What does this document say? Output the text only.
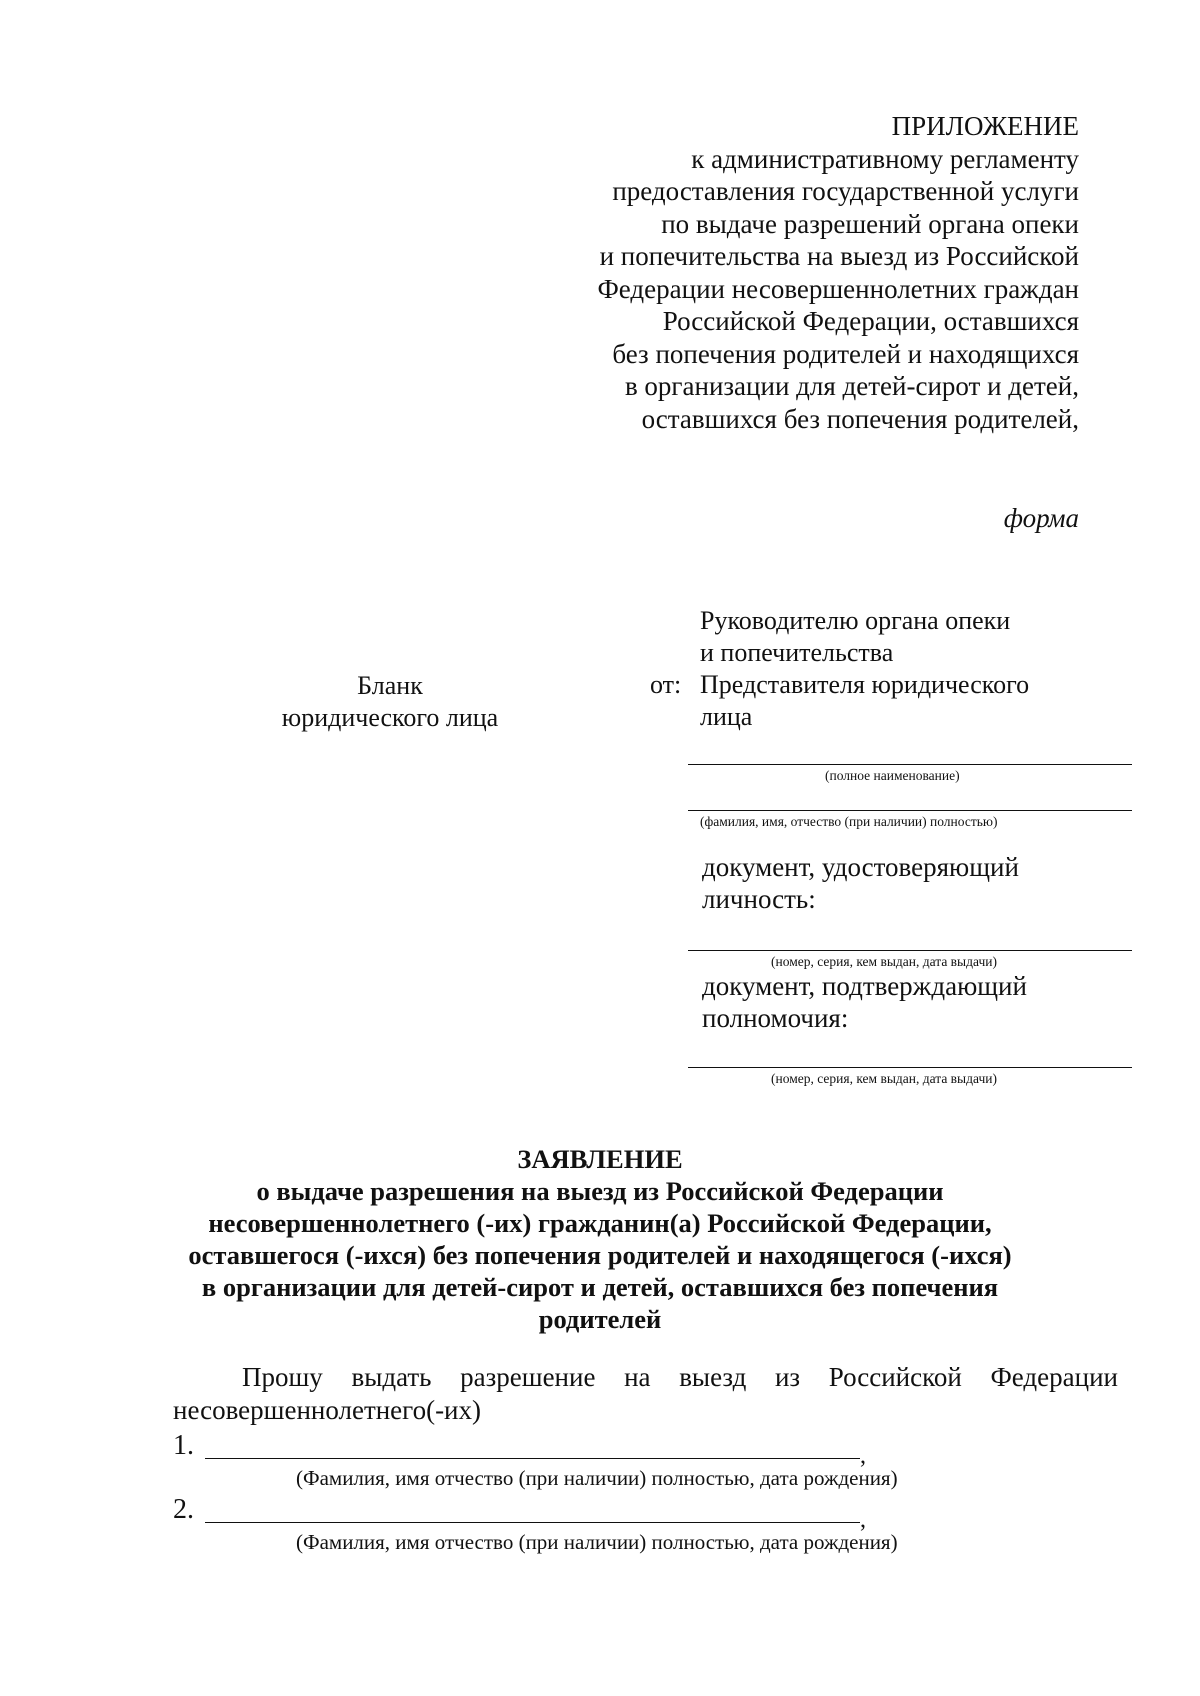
ПРИЛОЖЕНИЕ
к административному регламенту
предоставления государственной услуги
по выдаче разрешений органа опеки
и попечительства на выезд из Российской
Федерации несовершеннолетних граждан
Российской Федерации, оставшихся
без попечения родителей и находящихся
в организации для детей-сирот и детей,
оставшихся без попечения родителей,
форма
Бланк
юридического лица
Руководителю органа опеки
и попечительства
Представителя юридического
лица
от:
(полное наименование)
(фамилия, имя, отчество (при наличии) полностью)
документ, удостоверяющий
личность:
(номер, серия, кем выдан, дата выдачи)
документ, подтверждающий
полномочия:
(номер, серия, кем выдан, дата выдачи)
ЗАЯВЛЕНИЕ
о выдаче разрешения на выезд из Российской Федерации
несовершеннолетнего (-их) гражданин(а) Российской Федерации,
оставшегося (-ихся) без попечения родителей и находящегося (-ихся)
в организации для детей-сирот и детей, оставшихся без попечения
родителей
Прошу выдать разрешение на выезд из Российской Федерации
несовершеннолетнего(-их)
1.	,
(Фамилия, имя отчество (при наличии) полностью, дата рождения)
2.	,
(Фамилия, имя отчество (при наличии) полностью, дата рождения)
